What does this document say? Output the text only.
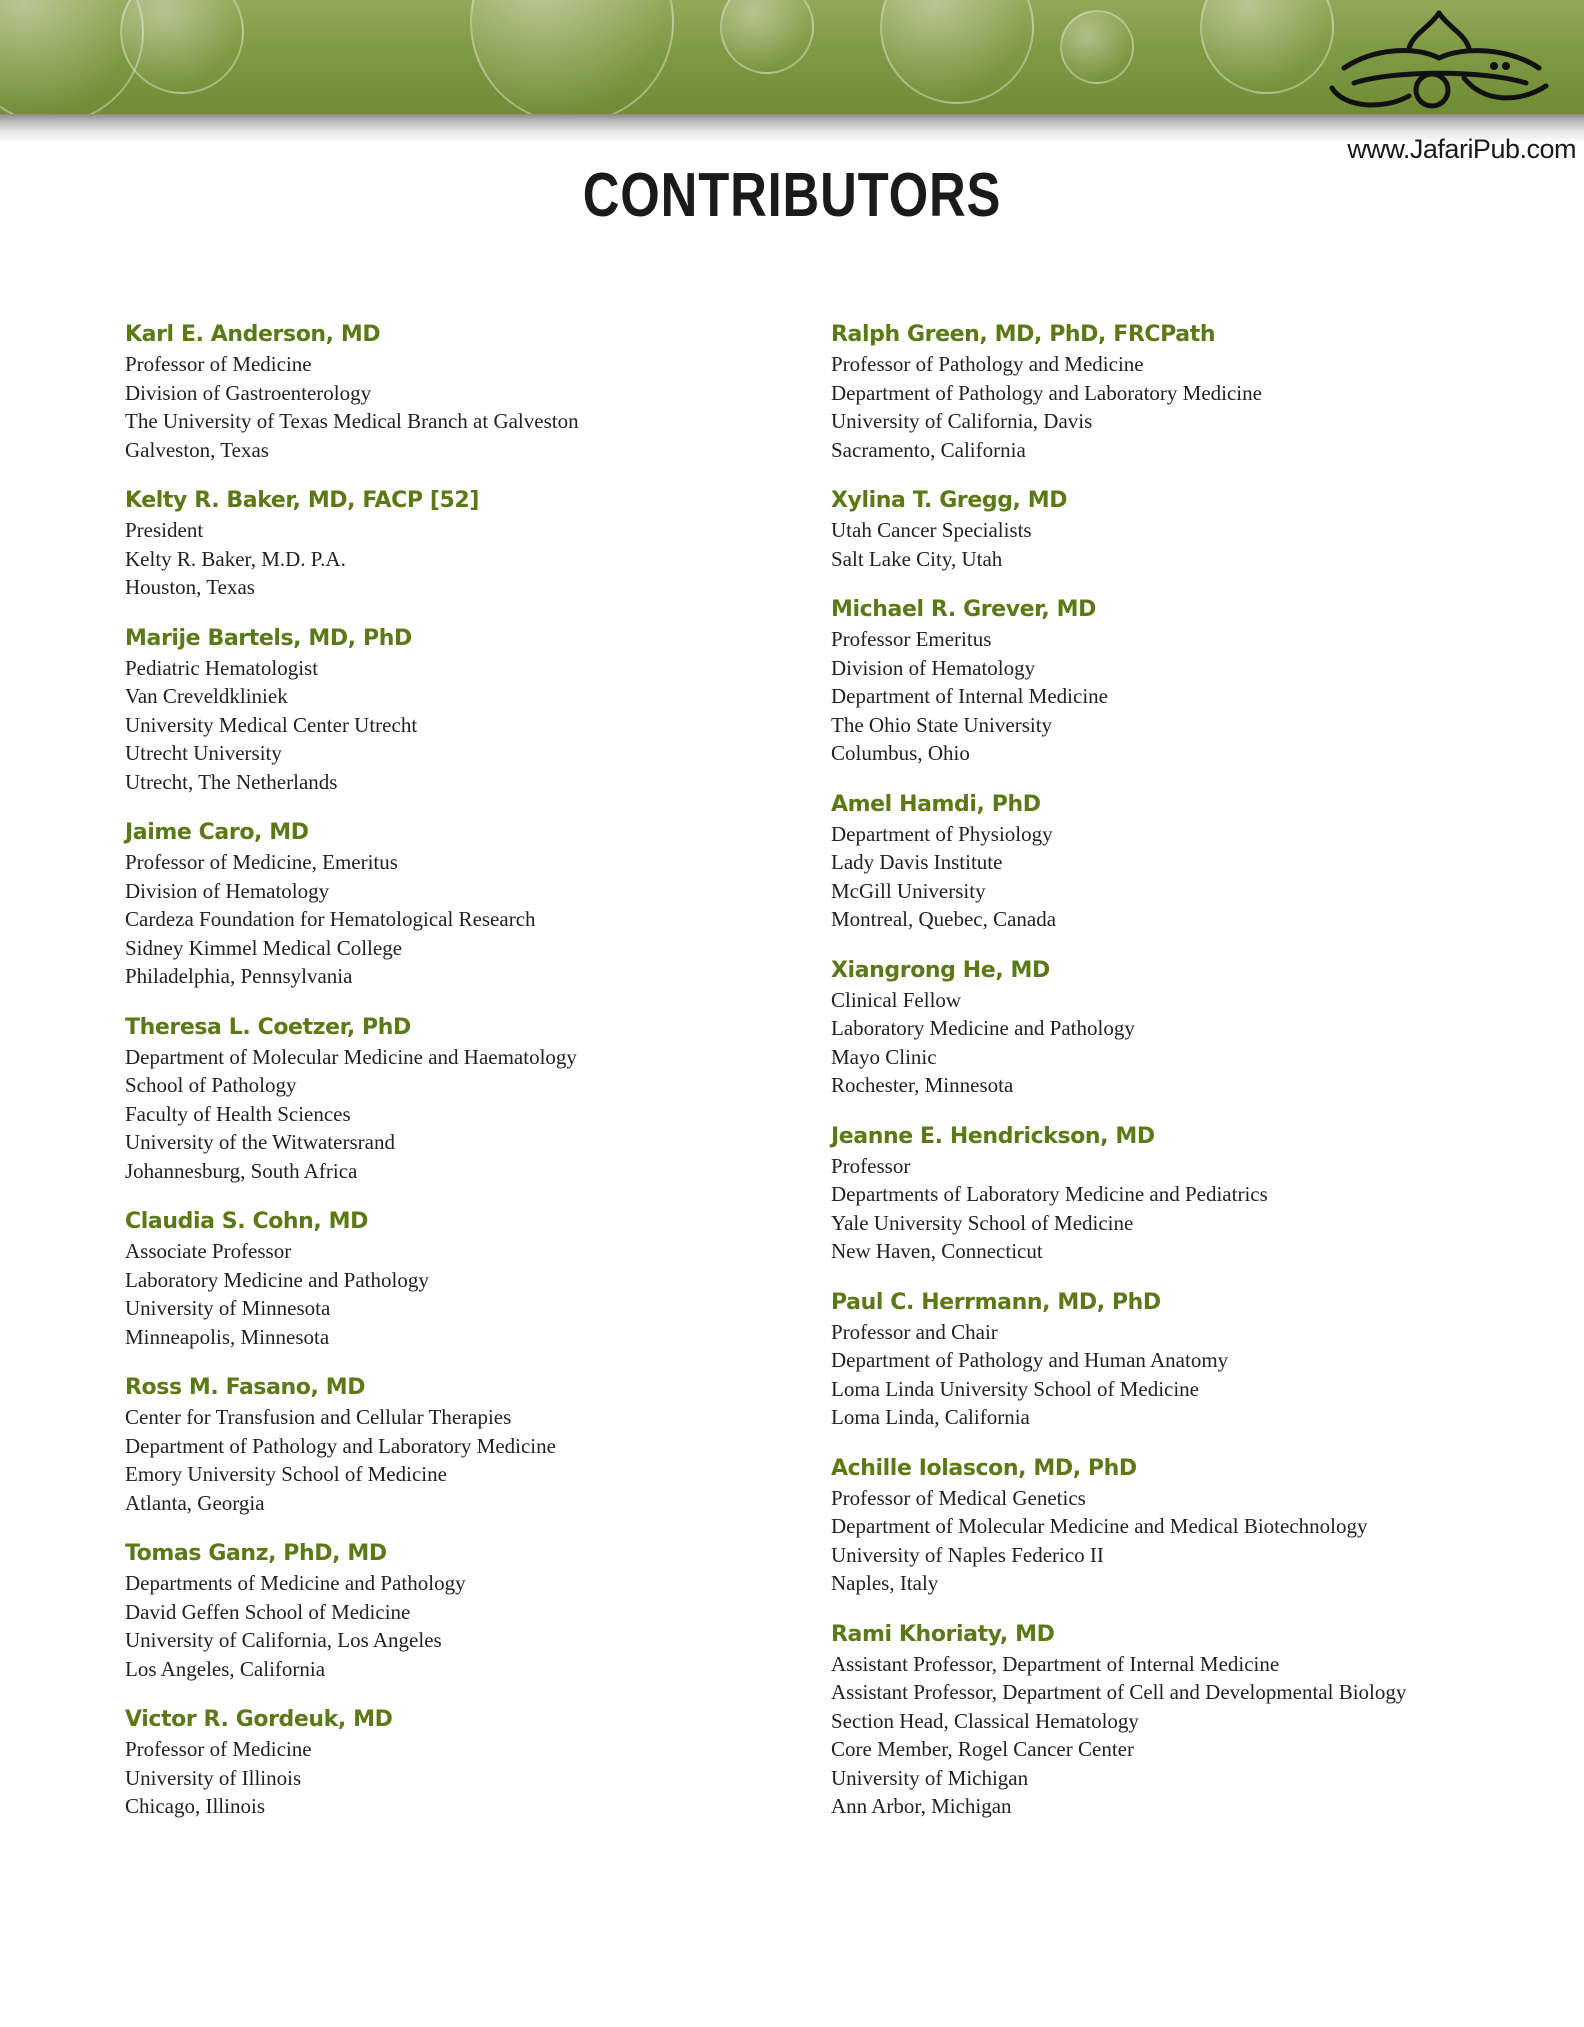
www.JafariPub.com
CONTRIBUTORS
Karl E. Anderson, MD
Professor of Medicine
Division of Gastroenterology
The University of Texas Medical Branch at Galveston
Galveston, Texas
Kelty R. Baker, MD, FACP [52]
President
Kelty R. Baker, M.D. P.A.
Houston, Texas
Marije Bartels, MD, PhD
Pediatric Hematologist
Van Creveldkliniek
University Medical Center Utrecht
Utrecht University
Utrecht, The Netherlands
Jaime Caro, MD
Professor of Medicine, Emeritus
Division of Hematology
Cardeza Foundation for Hematological Research
Sidney Kimmel Medical College
Philadelphia, Pennsylvania
Theresa L. Coetzer, PhD
Department of Molecular Medicine and Haematology
School of Pathology
Faculty of Health Sciences
University of the Witwatersrand
Johannesburg, South Africa
Claudia S. Cohn, MD
Associate Professor
Laboratory Medicine and Pathology
University of Minnesota
Minneapolis, Minnesota
Ross M. Fasano, MD
Center for Transfusion and Cellular Therapies
Department of Pathology and Laboratory Medicine
Emory University School of Medicine
Atlanta, Georgia
Tomas Ganz, PhD, MD
Departments of Medicine and Pathology
David Geffen School of Medicine
University of California, Los Angeles
Los Angeles, California
Victor R. Gordeuk, MD
Professor of Medicine
University of Illinois
Chicago, Illinois
Ralph Green, MD, PhD, FRCPath
Professor of Pathology and Medicine
Department of Pathology and Laboratory Medicine
University of California, Davis
Sacramento, California
Xylina T. Gregg, MD
Utah Cancer Specialists
Salt Lake City, Utah
Michael R. Grever, MD
Professor Emeritus
Division of Hematology
Department of Internal Medicine
The Ohio State University
Columbus, Ohio
Amel Hamdi, PhD
Department of Physiology
Lady Davis Institute
McGill University
Montreal, Quebec, Canada
Xiangrong He, MD
Clinical Fellow
Laboratory Medicine and Pathology
Mayo Clinic
Rochester, Minnesota
Jeanne E. Hendrickson, MD
Professor
Departments of Laboratory Medicine and Pediatrics
Yale University School of Medicine
New Haven, Connecticut
Paul C. Herrmann, MD, PhD
Professor and Chair
Department of Pathology and Human Anatomy
Loma Linda University School of Medicine
Loma Linda, California
Achille Iolascon, MD, PhD
Professor of Medical Genetics
Department of Molecular Medicine and Medical Biotechnology
University of Naples Federico II
Naples, Italy
Rami Khoriaty, MD
Assistant Professor, Department of Internal Medicine
Assistant Professor, Department of Cell and Developmental Biology
Section Head, Classical Hematology
Core Member, Rogel Cancer Center
University of Michigan
Ann Arbor, Michigan
